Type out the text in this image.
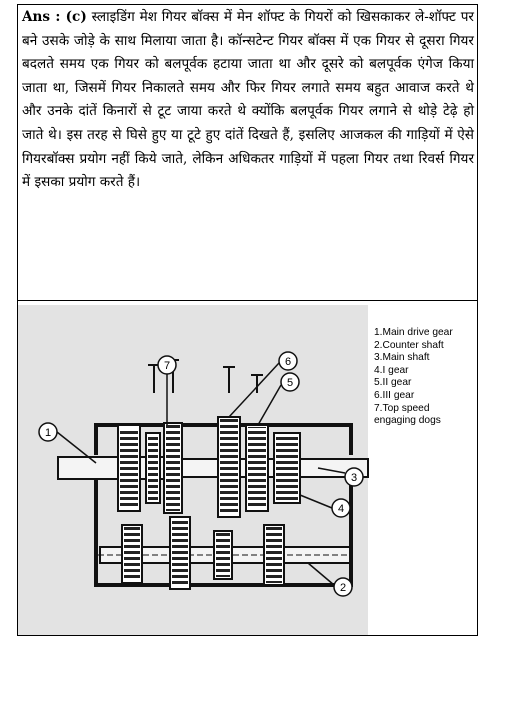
Ans : (c) स्लाइडिंग मेश गियर बॉक्स में मेन शॉफ्ट के गियरों को खिसकाकर ले-शॉफ्ट पर बने उसके जोड़े के साथ मिलाया जाता है। कॉन्सटेन्ट गियर बॉक्स में एक गियर से दूसरा गियर बदलते समय एक गियर को बलपूर्वक हटाया जाता था और दूसरे को बलपूर्वक एंगेज किया जाता था, जिसमें गियर निकालते समय और फिर गियर लगाते समय बहुत आवाज करते थे और उनके दांतें किनारों से टूट जाया करते थे क्योंकि बलपूर्वक गियर लगाने से थोड़े टेढ़े हो जाते थे। इस तरह से घिसे हुए या टूटे हुए दांतें दिखते हैं, इसलिए आजकल की गाड़ियों में ऐसे गियरबॉक्स प्रयोग नहीं किये जाते, लेकिन अधिकतर गाड़ियों में पहला गियर तथा रिवर्स गियर में इसका प्रयोग करते हैं।
1.Main drive gear
2.Counter shaft
3.Main shaft
4.I gear
5.II gear
6.III gear
7.Top speed engaging dogs
1
7	6
5
3
4
2
